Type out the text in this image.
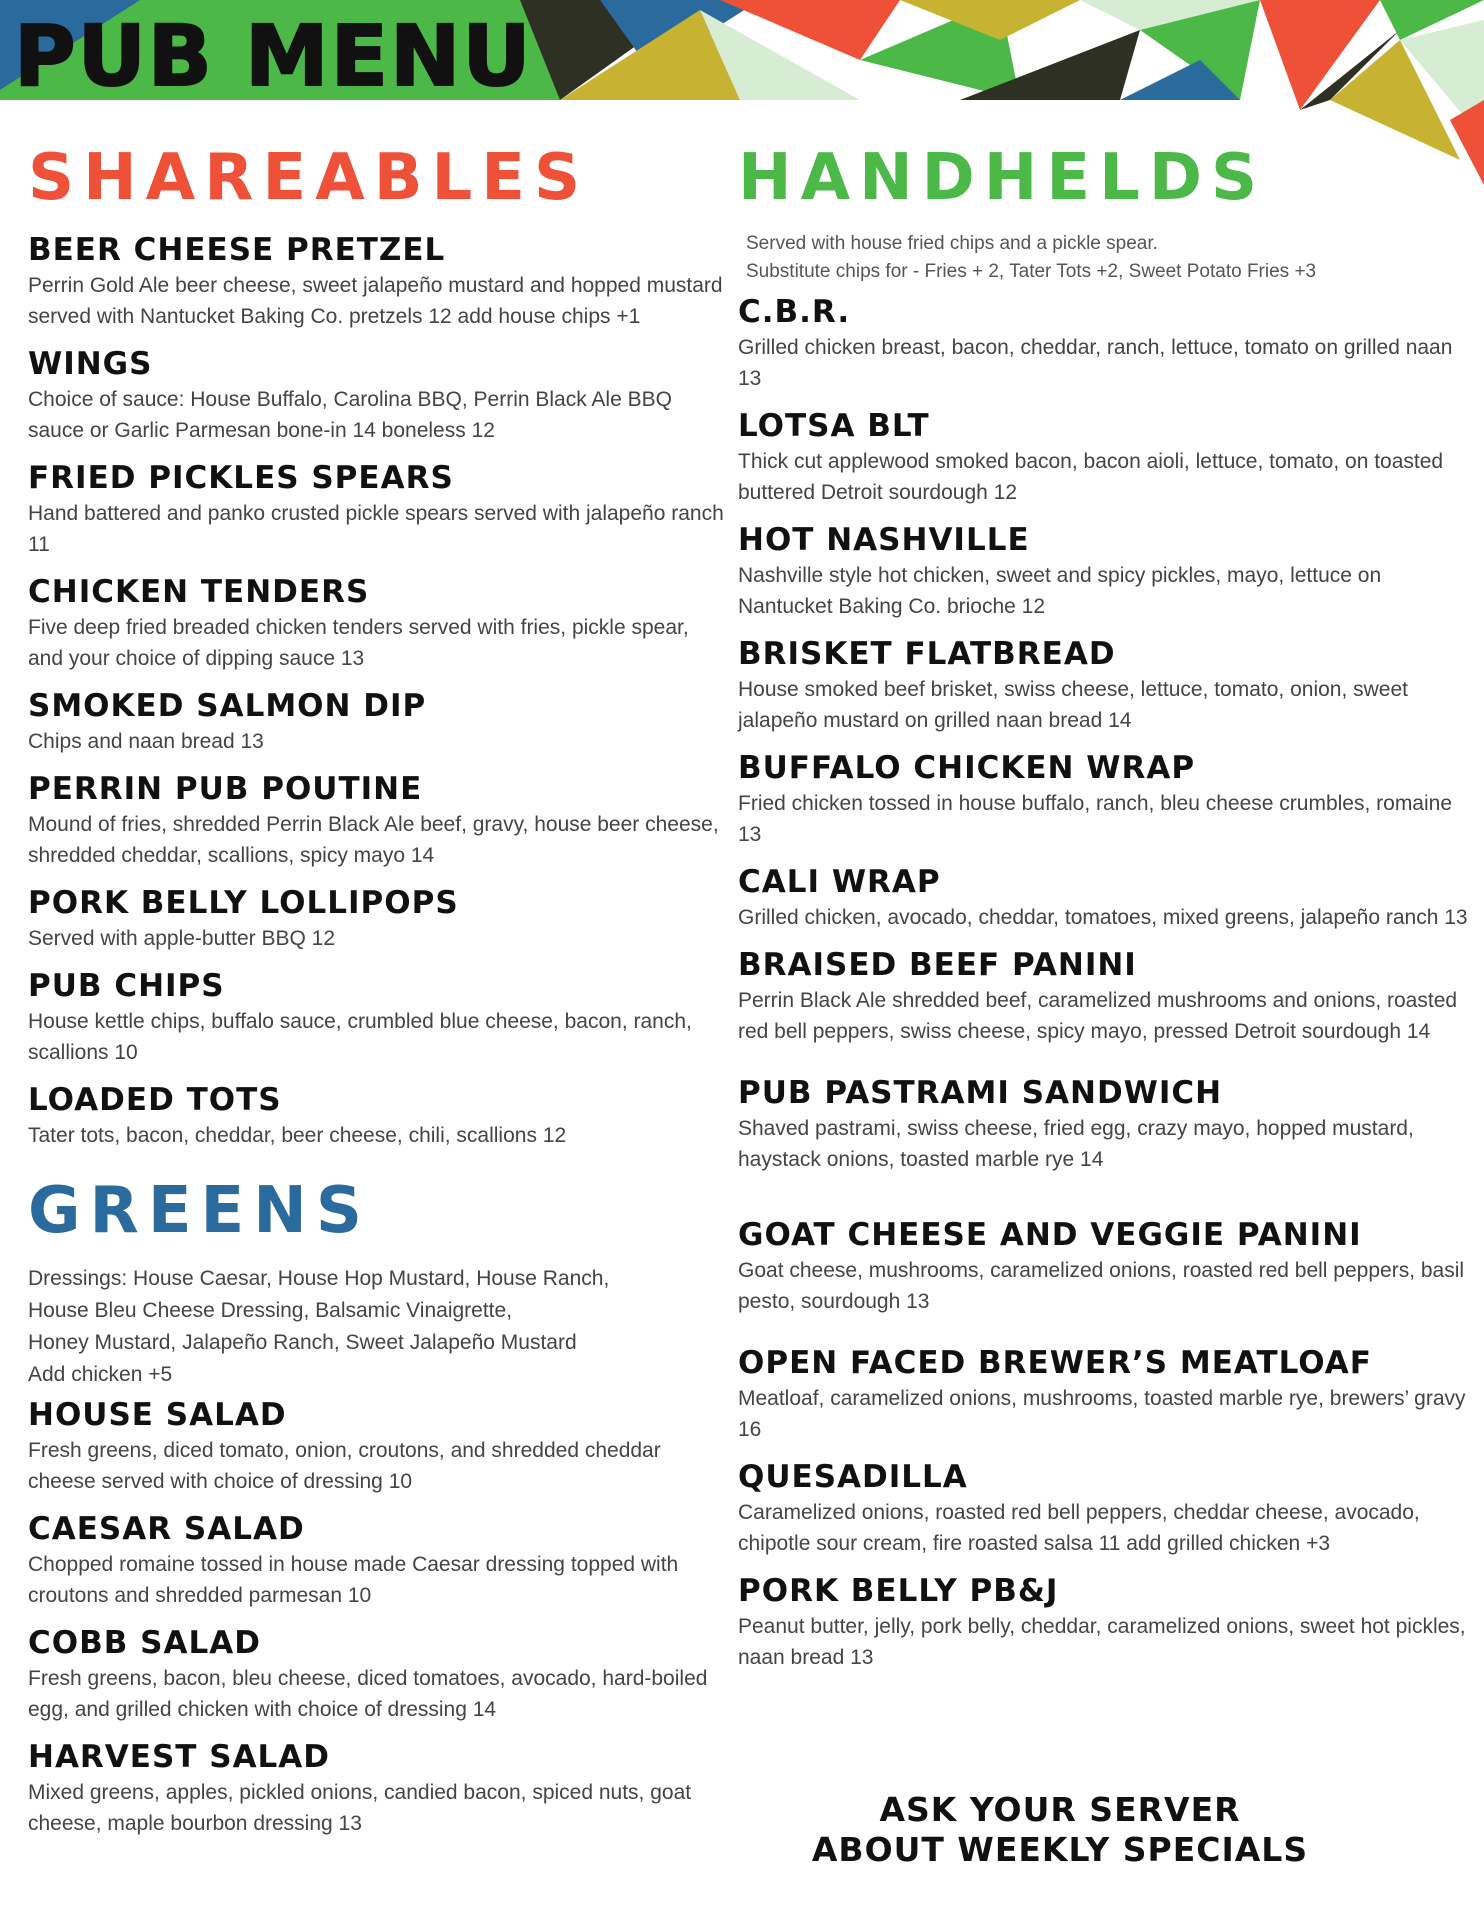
PUB MENU
SHAREABLES
BEER CHEESE PRETZEL

Perrin Gold Ale beer cheese, sweet jalapeño mustard and hopped mustard served with Nantucket Baking Co. pretzels 12 add house chips +1

WINGS

Choice of sauce: House Buffalo, Carolina BBQ, Perrin Black Ale BBQ sauce or Garlic Parmesan bone-in 14 boneless 12

FRIED PICKLES SPEARS

Hand battered and panko crusted pickle spears served with jalapeño ranch 11

CHICKEN TENDERS

Five deep fried breaded chicken tenders served with fries, pickle spear, and your choice of dipping sauce 13

SMOKED SALMON DIP

Chips and naan bread 13

PERRIN PUB POUTINE

Mound of fries, shredded Perrin Black Ale beef, gravy, house beer cheese, shredded cheddar, scallions, spicy mayo 14

PORK BELLY LOLLIPOPS

Served with apple-butter BBQ 12

PUB CHIPS

House kettle chips, buffalo sauce, crumbled blue cheese, bacon, ranch, scallions 10

LOADED TOTS

Tater tots, bacon, cheddar, beer cheese, chili, scallions 12

GREENS
Dressings: House Caesar, House Hop Mustard, House Ranch,
House Bleu Cheese Dressing, Balsamic Vinaigrette,
Honey Mustard, Jalapeño Ranch, Sweet Jalapeño Mustard
Add chicken +5
HOUSE SALAD

Fresh greens, diced tomato, onion, croutons, and shredded cheddar cheese served with choice of dressing 10

CAESAR SALAD

Chopped romaine tossed in house made Caesar dressing topped with croutons and shredded parmesan 10

COBB SALAD

Fresh greens, bacon, bleu cheese, diced tomatoes, avocado, hard-boiled egg, and grilled chicken with choice of dressing 14

HARVEST SALAD

Mixed greens, apples, pickled onions, candied bacon, spiced nuts, goat cheese, maple bourbon dressing 13

HANDHELDS
Served with house fried chips and a pickle spear.
Substitute chips for - Fries + 2, Tater Tots +2, Sweet Potato Fries +3
C.B.R.

Grilled chicken breast, bacon, cheddar, ranch, lettuce, tomato on grilled naan 13

LOTSA BLT

Thick cut applewood smoked bacon, bacon aioli, lettuce, tomato, on toasted buttered Detroit sourdough 12

HOT NASHVILLE

Nashville style hot chicken, sweet and spicy pickles, mayo, lettuce on Nantucket Baking Co. brioche 12

BRISKET FLATBREAD

House smoked beef brisket, swiss cheese, lettuce, tomato, onion, sweet jalapeño mustard on grilled naan bread 14

BUFFALO CHICKEN WRAP

Fried chicken tossed in house buffalo, ranch, bleu cheese crumbles, romaine 13

CALI WRAP

Grilled chicken, avocado, cheddar, tomatoes, mixed greens, jalapeño ranch 13

BRAISED BEEF PANINI

Perrin Black Ale shredded beef, caramelized mushrooms and onions, roasted red bell peppers, swiss cheese, spicy mayo, pressed Detroit sourdough 14

PUB PASTRAMI SANDWICH

Shaved pastrami, swiss cheese, fried egg, crazy mayo, hopped mustard, haystack onions, toasted marble rye 14

GOAT CHEESE AND VEGGIE PANINI

Goat cheese, mushrooms, caramelized onions, roasted red bell peppers, basil pesto, sourdough 13

OPEN FACED BREWER’S MEATLOAF

Meatloaf, caramelized onions, mushrooms, toasted marble rye, brewers’ gravy 16

QUESADILLA

Caramelized onions, roasted red bell peppers, cheddar cheese, avocado, chipotle sour cream, fire roasted salsa 11 add grilled chicken +3

PORK BELLY PB&J

Peanut butter, jelly, pork belly, cheddar, caramelized onions, sweet hot pickles, naan bread 13

ASK YOUR SERVER
ABOUT WEEKLY SPECIALS
